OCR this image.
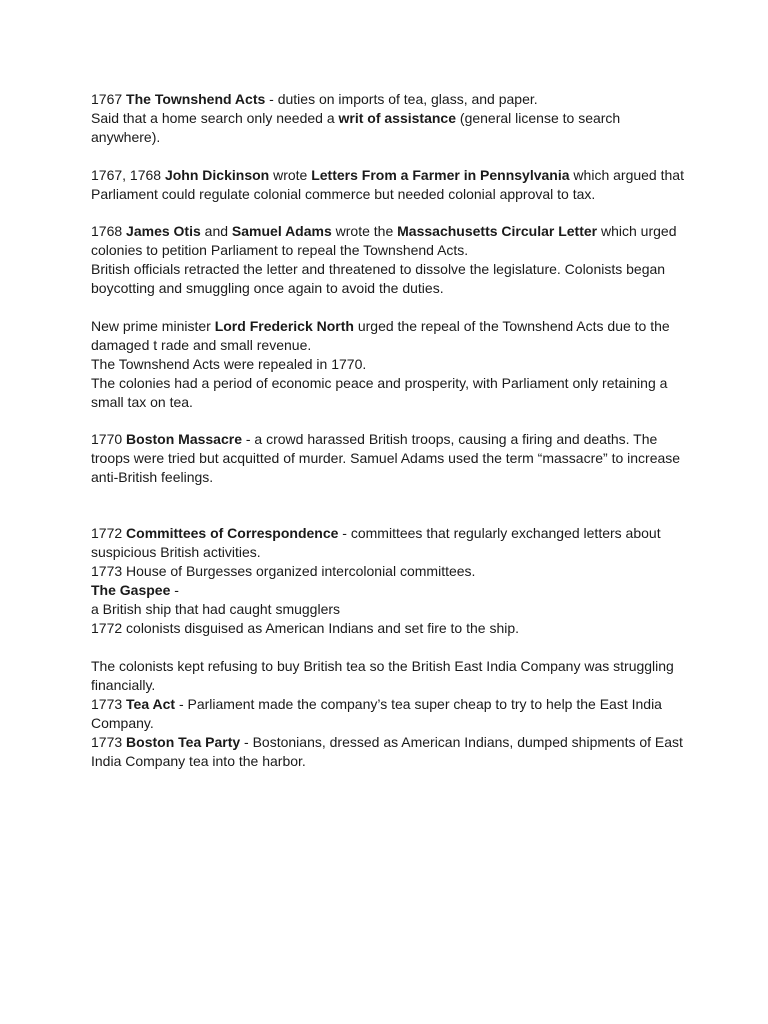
1767 The Townshend Acts - duties on imports of tea, glass, and paper.
Said that a home search only needed a writ of assistance (general license to search anywhere).
1767, 1768 John Dickinson wrote Letters From a Farmer in Pennsylvania which argued that Parliament could regulate colonial commerce but needed colonial approval to tax.
1768 James Otis and Samuel Adams wrote the Massachusetts Circular Letter which urged colonies to petition Parliament to repeal the Townshend Acts.
British officials retracted the letter and threatened to dissolve the legislature. Colonists began boycotting and smuggling once again to avoid the duties.
New prime minister Lord Frederick North urged the repeal of the Townshend Acts due to the damaged t rade and small revenue.
The Townshend Acts were repealed in 1770.
The colonies had a period of economic peace and prosperity, with Parliament only retaining a small tax on tea.
1770 Boston Massacre - a crowd harassed British troops, causing a firing and deaths. The troops were tried but acquitted of murder. Samuel Adams used the term “massacre” to increase anti-British feelings.
1772 Committees of Correspondence - committees that regularly exchanged letters about suspicious British activities.
1773 House of Burgesses organized intercolonial committees.
The Gaspee -
a British ship that had caught smugglers
1772 colonists disguised as American Indians and set fire to the ship.
The colonists kept refusing to buy British tea so the British East India Company was struggling financially.
1773 Tea Act - Parliament made the company’s tea super cheap to try to help the East India Company.
1773 Boston Tea Party - Bostonians, dressed as American Indians, dumped shipments of East India Company tea into the harbor.
